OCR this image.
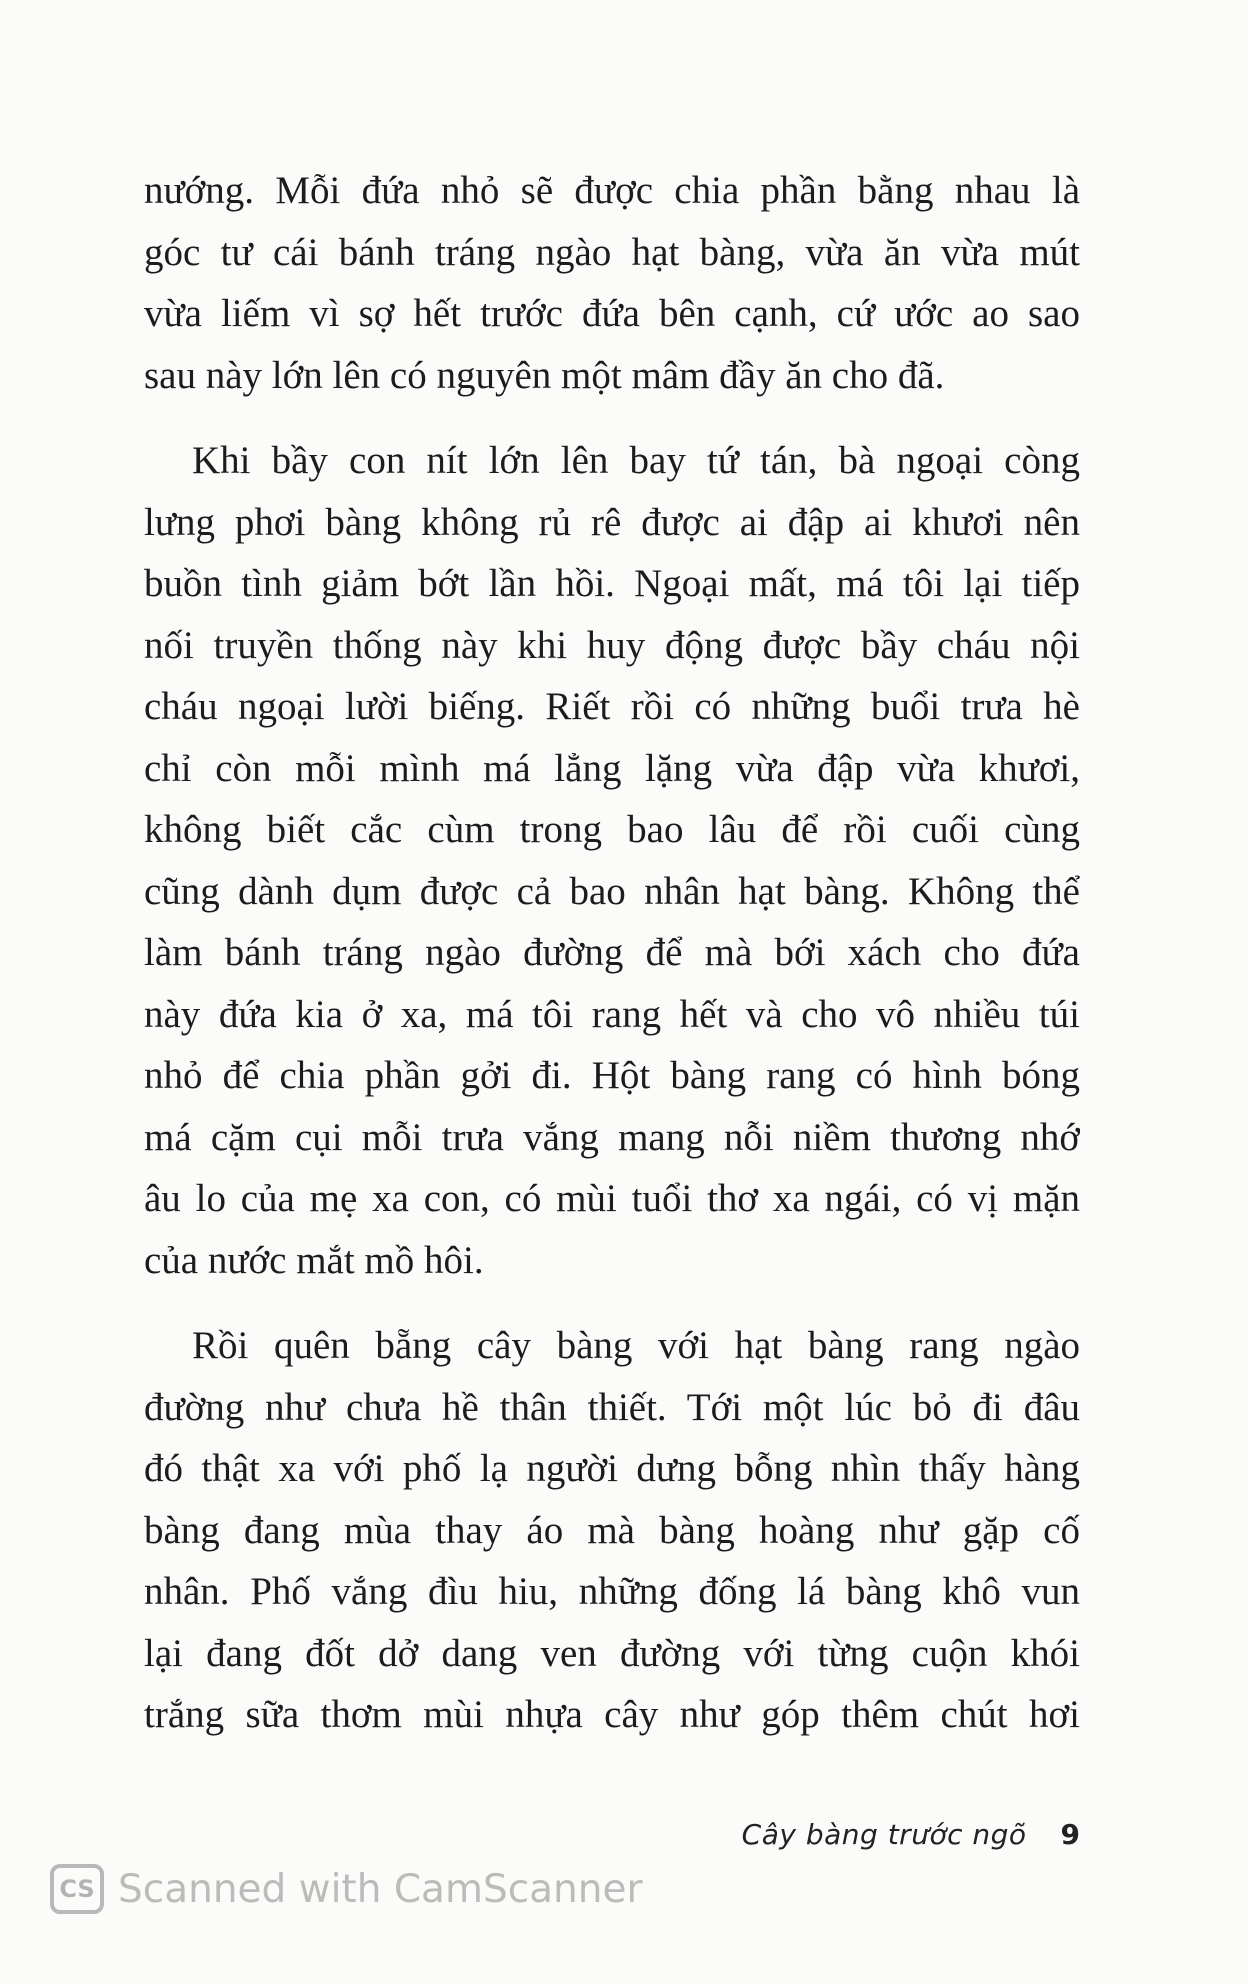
nướng. Mỗi đứa nhỏ sẽ được chia phần bằng nhau là
góc tư cái bánh tráng ngào hạt bàng, vừa ăn vừa mút
vừa liếm vì sợ hết trước đứa bên cạnh, cứ ước ao sao
sau này lớn lên có nguyên một mâm đầy ăn cho đã.

Khi bầy con nít lớn lên bay tứ tán, bà ngoại còng
lưng phơi bàng không rủ rê được ai đập ai khươi nên
buồn tình giảm bớt lần hồi. Ngoại mất, má tôi lại tiếp
nối truyền thống này khi huy động được bầy cháu nội
cháu ngoại lười biếng. Riết rồi có những buổi trưa hè
chỉ còn mỗi mình má lẳng lặng vừa đập vừa khươi,
không biết cắc cùm trong bao lâu để rồi cuối cùng
cũng dành dụm được cả bao nhân hạt bàng. Không thể
làm bánh tráng ngào đường để mà bới xách cho đứa
này đứa kia ở xa, má tôi rang hết và cho vô nhiều túi
nhỏ để chia phần gởi đi. Hột bàng rang có hình bóng
má cặm cụi mỗi trưa vắng mang nỗi niềm thương nhớ
âu lo của mẹ xa con, có mùi tuổi thơ xa ngái, có vị mặn
của nước mắt mồ hôi.

Rồi quên bẵng cây bàng với hạt bàng rang ngào
đường như chưa hề thân thiết. Tới một lúc bỏ đi đâu
đó thật xa với phố lạ người dưng bỗng nhìn thấy hàng
bàng đang mùa thay áo mà bàng hoàng như gặp cố
nhân. Phố vắng đìu hiu, những đống lá bàng khô vun
lại đang đốt dở dang ven đường với từng cuộn khói
trắng sữa thơm mùi nhựa cây như góp thêm chút hơi

Cây bàng trước ngõ 9
CS Scanned with CamScanner
